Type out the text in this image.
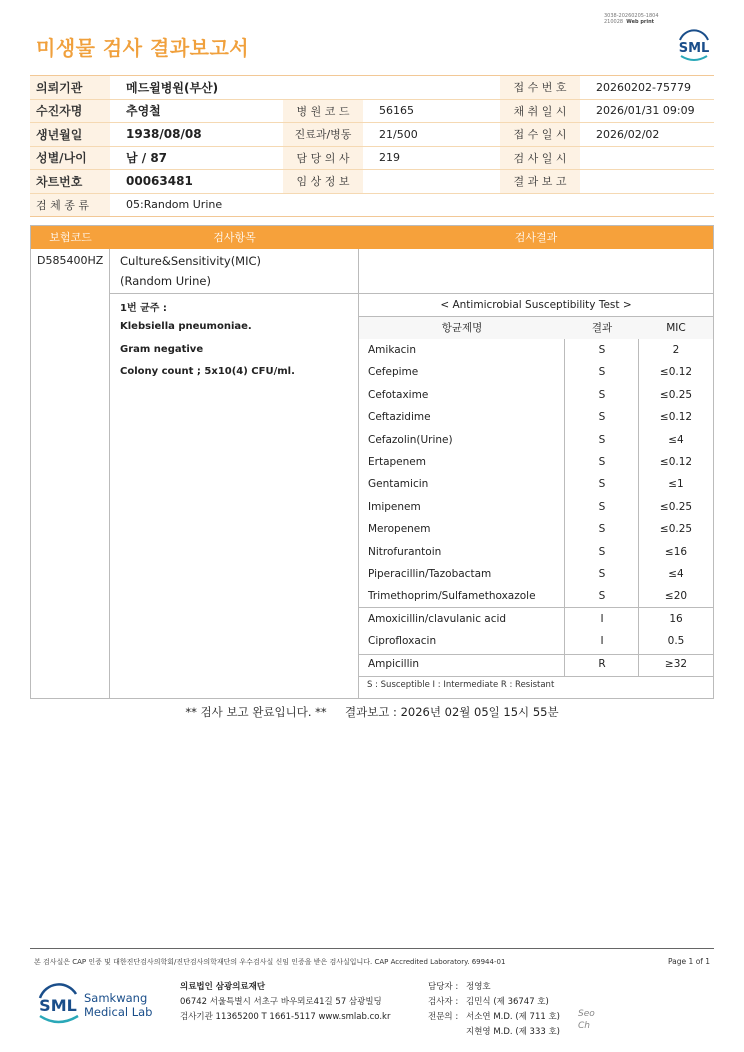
미생물 검사 결과보고서
3038-20260205-1804
210028 Web print
SML
의뢰기관	메드윌병원(부산)	접 수 번 호	20260202-75779
수진자명	추영철	병 원 코 드	56165	채 취 일 시	2026/01/31 09:09
생년월일	1938/08/08	진료과/병동	21/500	접 수 일 시	2026/02/02
성별/나이	남 / 87	담 당 의 사	219	검 사 일 시
차트번호	00063481	임 상 정 보	결 과 보 고
검 체 종 류	05:Random Urine
보험코드	검사항목	검사결과
D585400HZ Culture&Sensitivity(MIC)
(Random Urine)
1번 균주 :
Klebsiella pneumoniae.
Gram negative
Colony count ; 5x10(4) CFU/ml.
< Antimicrobial Susceptibility Test >
항균제명	결과	MIC
Amikacin	S	2
Cefepime	S	≤0.12
Cefotaxime	S	≤0.25
Ceftazidime	S	≤0.12
Cefazolin(Urine)	S	≤4
Ertapenem	S	≤0.12
Gentamicin	S	≤1
Imipenem	S	≤0.25
Meropenem	S	≤0.25
Nitrofurantoin	S	≤16
Piperacillin/Tazobactam	S	≤4
Trimethoprim/Sulfamethoxazole	S	≤20
Amoxicillin/clavulanic acid	I	16
Ciprofloxacin	I	0.5
Ampicillin	R	≥32
S : Susceptible I : Intermediate R : Resistant
** 검사 보고 완료입니다. ** 결과보고 : 2026년 02월 05일 15시 55분
본 검사실은 CAP 인증 및 대한진단검사의학회/진단검사의학재단의 우수검사실 신임 인증을 받은 검사실입니다. CAP Accredited Laboratory. 69944-01	Page 1 of 1
SML Samkwang
Medical Lab
의료법인 삼광의료재단
06742 서울특별시 서초구 바우뫼로41길 57 삼광빌딩
검사기관 11365200 T 1661-5117 www.smlab.co.kr
담당자 : 정영호
검사자 : 김민식 (제 36747 호)
전문의 : 서소연 M.D. (제 711 호)
지현영 M.D. (제 333 호)
Seo
Ch
